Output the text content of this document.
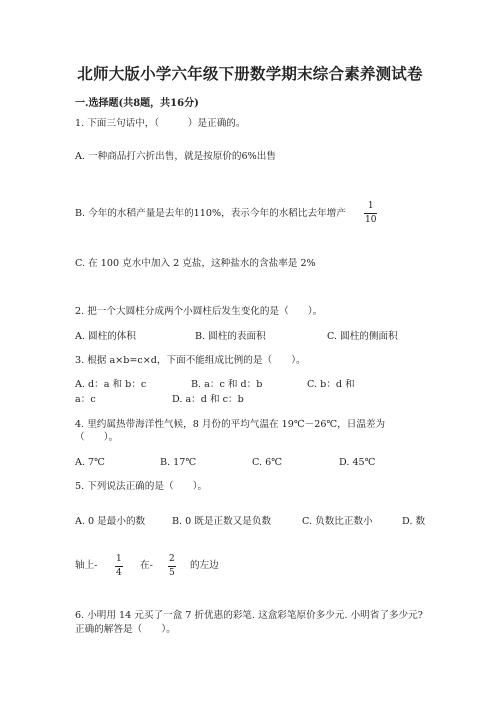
北师大版小学六年级下册数学期末综合素养测试卷
一.选择题(共8题，共16分)
1. 下面三句话中，（　　　）是正确的。
A. 一种商品打六折出售，就是按原价的6%出售
B. 今年的水稻产量是去年的110%，表示今年的水稻比去年增产
1
10
C. 在 100 克水中加入 2 克盐，这种盐水的含盐率是 2%
2. 把一个大圆柱分成两个小圆柱后发生变化的是（　　）。
A. 圆柱的体积	B. 圆柱的表面积	C. 圆柱的侧面积
3. 根据 a×b=c×d，下面不能组成比例的是（　　）。
A. d：a 和 b：c	B. a：c 和 d：b	C. b：d 和
a：c	D. a：d 和 c：b
4. 里约属热带海洋性气候，8 月份的平均气温在 19℃－26℃，日温差为
（　　）。
A. 7℃	B. 17℃	C. 6℃	D. 45℃
5. 下列说法正确的是（　　）。
A. 0 是最小的数	B. 0 既是正数又是负数	C. 负数比正数小	D. 数
轴上-
1
4
在-
2
5
的左边
6. 小明用 14 元买了一盒 7 折优惠的彩笔. 这盒彩笔原价多少元. 小明省了多少元?
正确的解答是（　　）。
